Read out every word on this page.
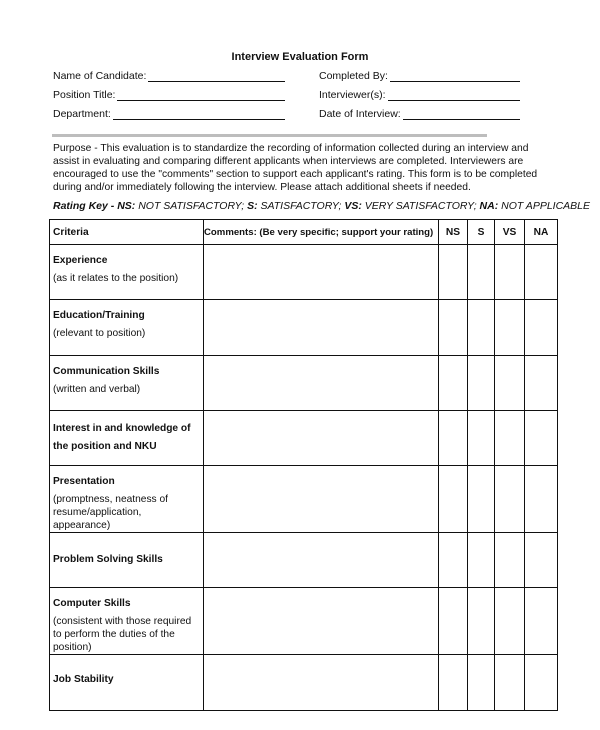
Interview Evaluation Form
Name of Candidate:
Position Title:
Department:
Completed By:
Interviewer(s):
Date of Interview:
Purpose - This evaluation is to standardize the recording of information collected during an interview and assist in evaluating and comparing different applicants when interviews are completed. Interviewers are encouraged to use the "comments" section to support each applicant's rating. This form is to be completed during and/or immediately following the interview. Please attach additional sheets if needed.
Rating Key - NS: NOT SATISFACTORY; S: SATISFACTORY; VS: VERY SATISFACTORY; NA: NOT APPLICABLE
Criteria	Comments: (Be very specific; support your rating)	NS	S	VS	NA

Experience
(as it relates to the position)					

Education/Training
(relevant to position)					

Communication Skills
(written and verbal)					

Interest in and knowledge of the position and NKU					

Presentation
(promptness, neatness of resume/application, appearance)					

Problem Solving Skills					

Computer Skills
(consistent with those required to perform the duties of the position)					

Job Stability					
